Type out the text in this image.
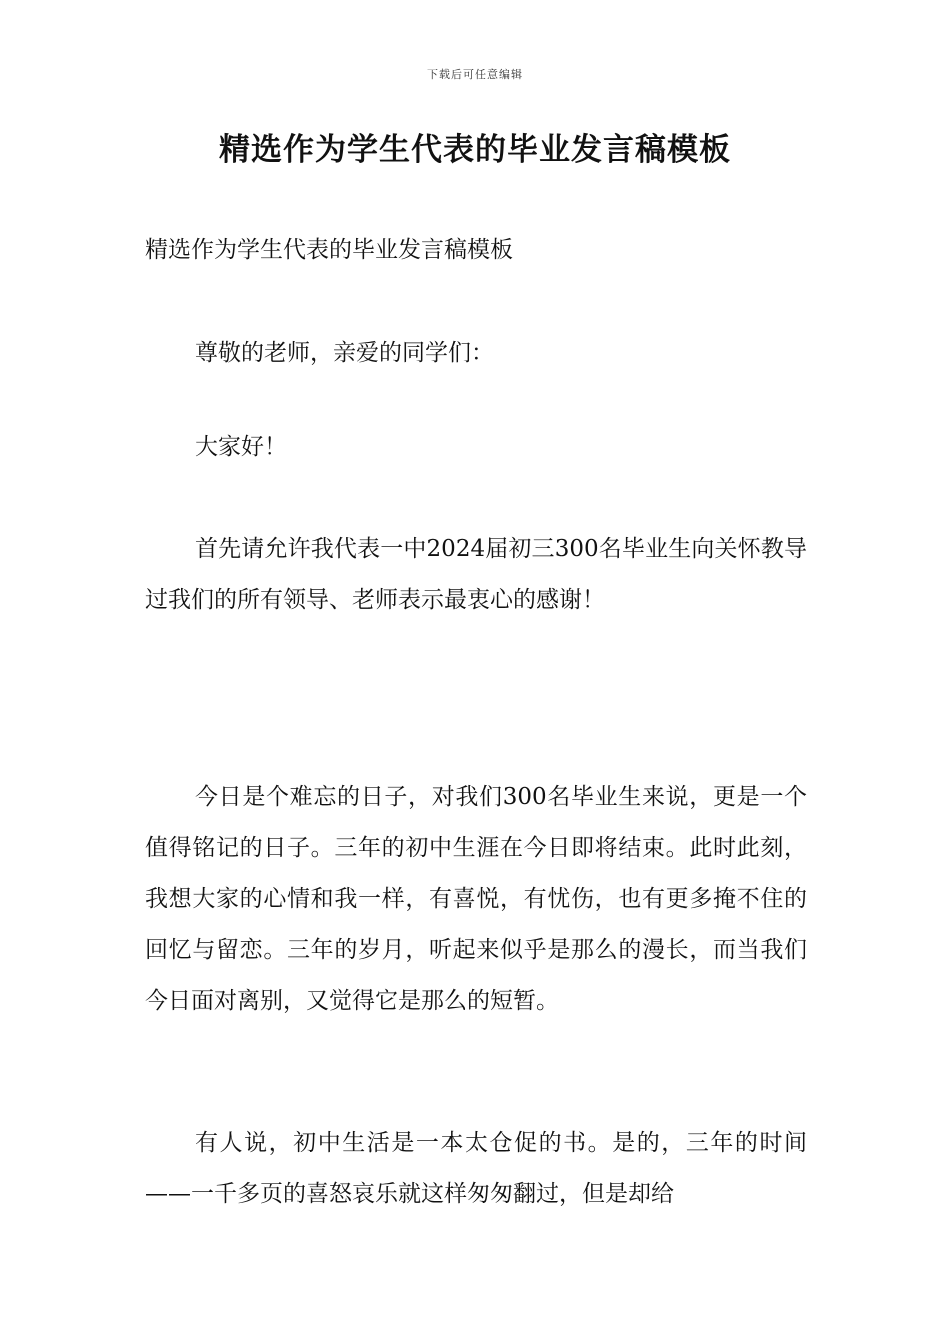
下载后可任意编辑
精选作为学生代表的毕业发言稿模板

精选作为学生代表的毕业发言稿模板

尊敬的老师，亲爱的同学们：

大家好！

首先请允许我代表一中2024届初三300名毕业生向关怀教导过我们的所有领导、老师表示最衷心的感谢！

今日是个难忘的日子，对我们300名毕业生来说，更是一个值得铭记的日子。三年的初中生涯在今日即将结束。此时此刻，我想大家的心情和我一样，有喜悦，有忧伤，也有更多掩不住的回忆与留恋。三年的岁月，听起来似乎是那么的漫长，而当我们今日面对离别，又觉得它是那么的短暂。

有人说，初中生活是一本太仓促的书。是的，三年的时间——一千多页的喜怒哀乐就这样匆匆翻过，但是却给
